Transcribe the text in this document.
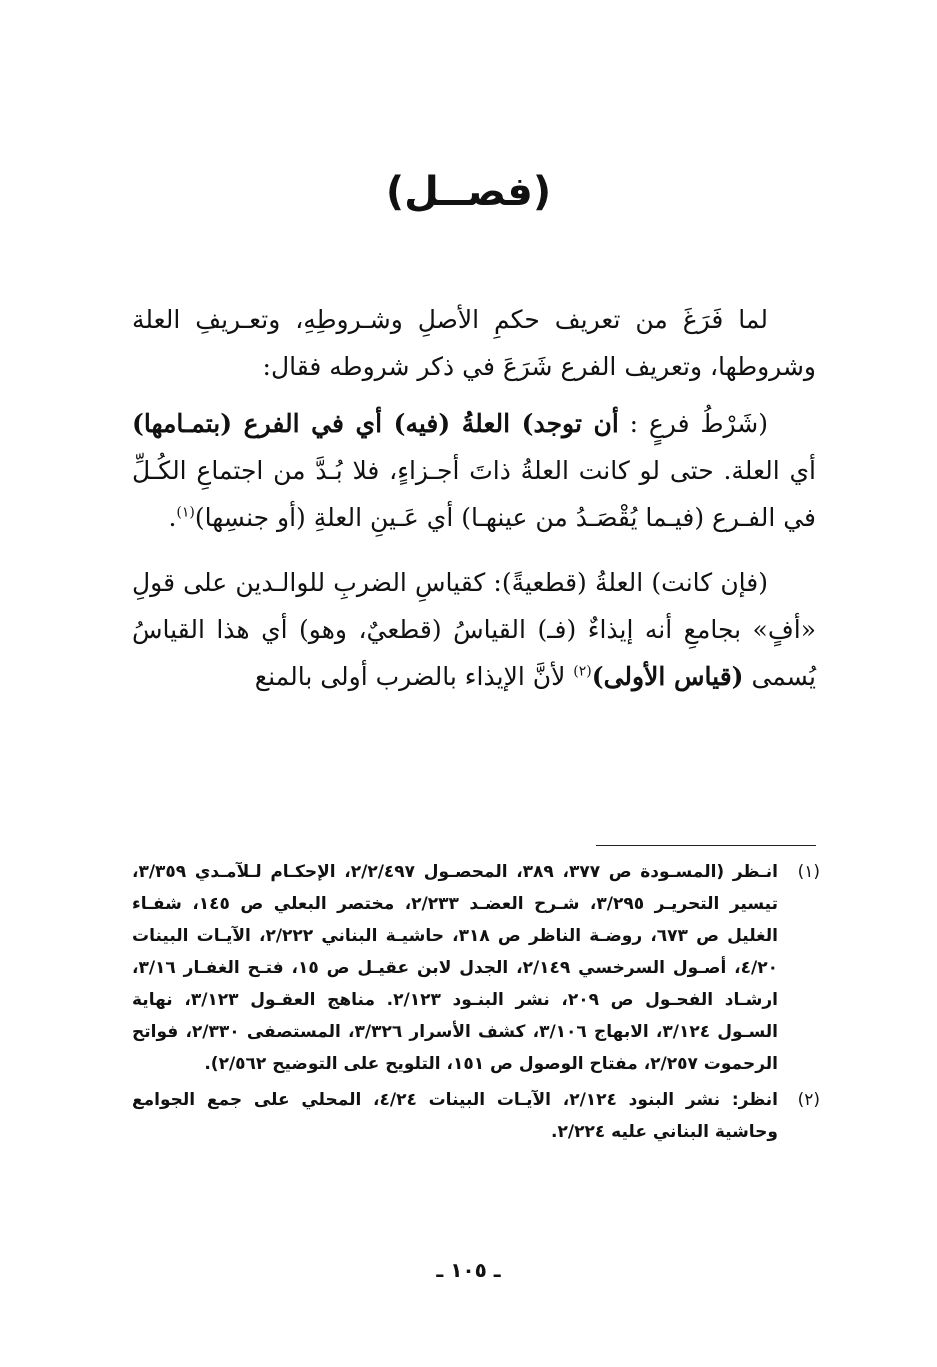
(فصــل)

لما فَرَغَ من تعريف حكمِ الأصلِ وشـروطِهِ، وتعـريفِ العلة وشروطها، وتعريف الفرع شَرَعَ في ذكر شروطه فقال:

(شَرْطُ فرعٍ : أن توجد) العلةُ (فيه) أي في الفرع (بتمـامها) أي العلة. حتى لو كانت العلةُ ذاتَ أجـزاءٍ، فلا بُـدَّ من اجتماعِ الكُـلِّ في الفـرع (فيـما يُقْصَـدُ من عينهـا) أي عَـينِ العلةِ (أو جنسِها)$^{(١)}$.

(فإن كانت) العلةُ (قطعيةً): كقياسِ الضربِ للوالـدين على قولِ «أفٍ» بجامعِ أنه إيذاءٌ (فـ) القياسُ (قطعيٌ، وهو) أي هذا القياسُ يُسمى (قياس الأولى)$^{(٢)}$ لأنَّ الإيذاء بالضرب أولى بالمنع

(١)
انـظر (المسـودة ص ٣٧٧، ٣٨٩، المحصـول ٢/٢/٤٩٧، الإحكـام لـلآمـدي ٣/٣٥٩، تيسير التحريـر ٣/٢٩٥، شـرح العضـد ٢/٢٣٣، مختصر البعلي ص ١٤٥، شفـاء الغليل ص ٦٧٣، روضـة الناظر ص ٣١٨، حاشيـة البناني ٢/٢٢٢، الآيـات البينات ٤/٢٠، أصـول السرخسي ٢/١٤٩، الجدل لابن عقيـل ص ١٥، فتـح الغفـار ٣/١٦، ارشـاد الفحـول ص ٢٠٩، نشر البنـود ٢/١٢٣. مناهج العقـول ٣/١٢٣، نهاية السـول ٣/١٢٤، الابهاج ٣/١٠٦، كشف الأسرار ٣/٣٢٦، المستصفى ٢/٣٣٠، فواتح الرحموت ٢/٢٥٧، مفتاح الوصول ص ١٥١، التلويح على التوضيح ٢/٥٦٢).

(٢)
انظر: نشر البنود ٢/١٢٤، الآيـات البينات ٤/٢٤، المحلي على جمع الجوامع وحاشية البناني عليه ٢/٢٢٤.

ـ ١٠٥ ـ
